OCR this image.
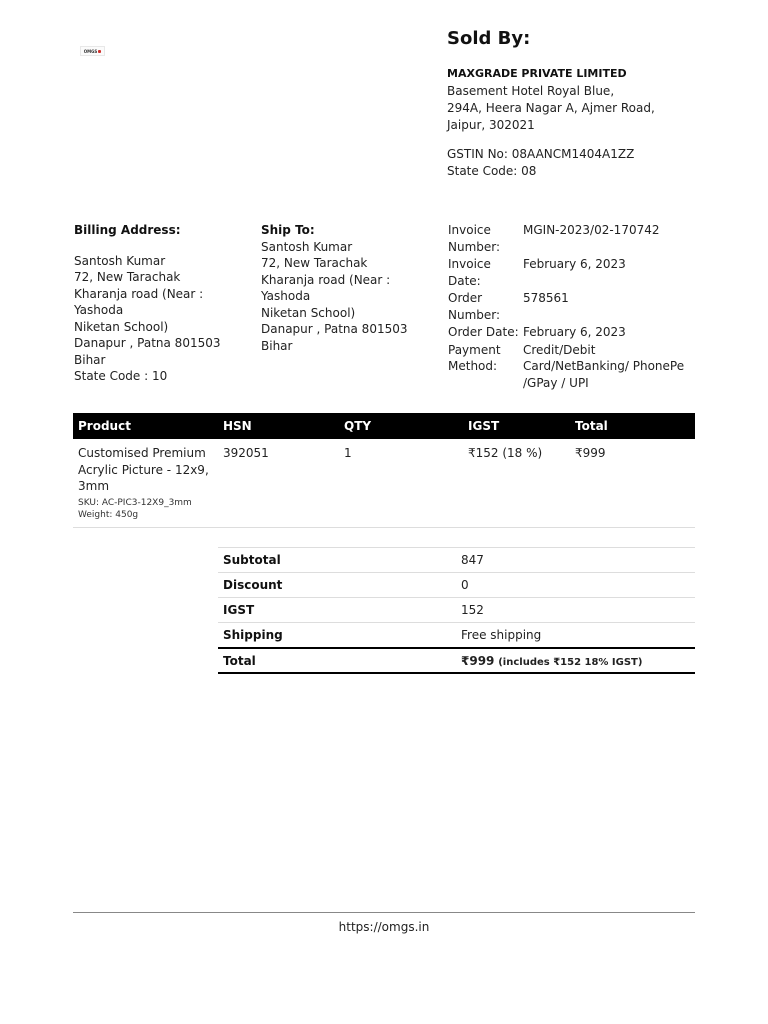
OMGS
Sold By:
MAXGRADE PRIVATE LIMITED
Basement Hotel Royal Blue,
294A, Heera Nagar A, Ajmer Road,
Jaipur, 302021
GSTIN No: 08AANCM1404A1ZZ
State Code: 08
Billing Address:
Santosh Kumar
72, New Tarachak
Kharanja road (Near : Yashoda
Niketan School)
Danapur , Patna 801503
Bihar
State Code : 10
Ship To:
Santosh Kumar
72, New Tarachak
Kharanja road (Near : Yashoda
Niketan School)
Danapur , Patna 801503
Bihar
Invoice Number:
MGIN-2023/02-170742
Invoice Date:
February 6, 2023
Order Number:
578561
Order Date: February 6, 2023
Payment Method:
Credit/Debit Card/NetBanking/ PhonePe /GPay / UPI
Product	HSN	QTY	IGST	Total

Customised Premium Acrylic Picture - 12x9, 3mm
SKU: AC-PIC3-12X9_3mm
Weight: 450g	392051	1	₹152 (18 %)	₹999
Subtotal	847
Discount	0
IGST	152
Shipping	Free shipping
Total	₹999 (includes ₹152 18% IGST)
https://omgs.in
